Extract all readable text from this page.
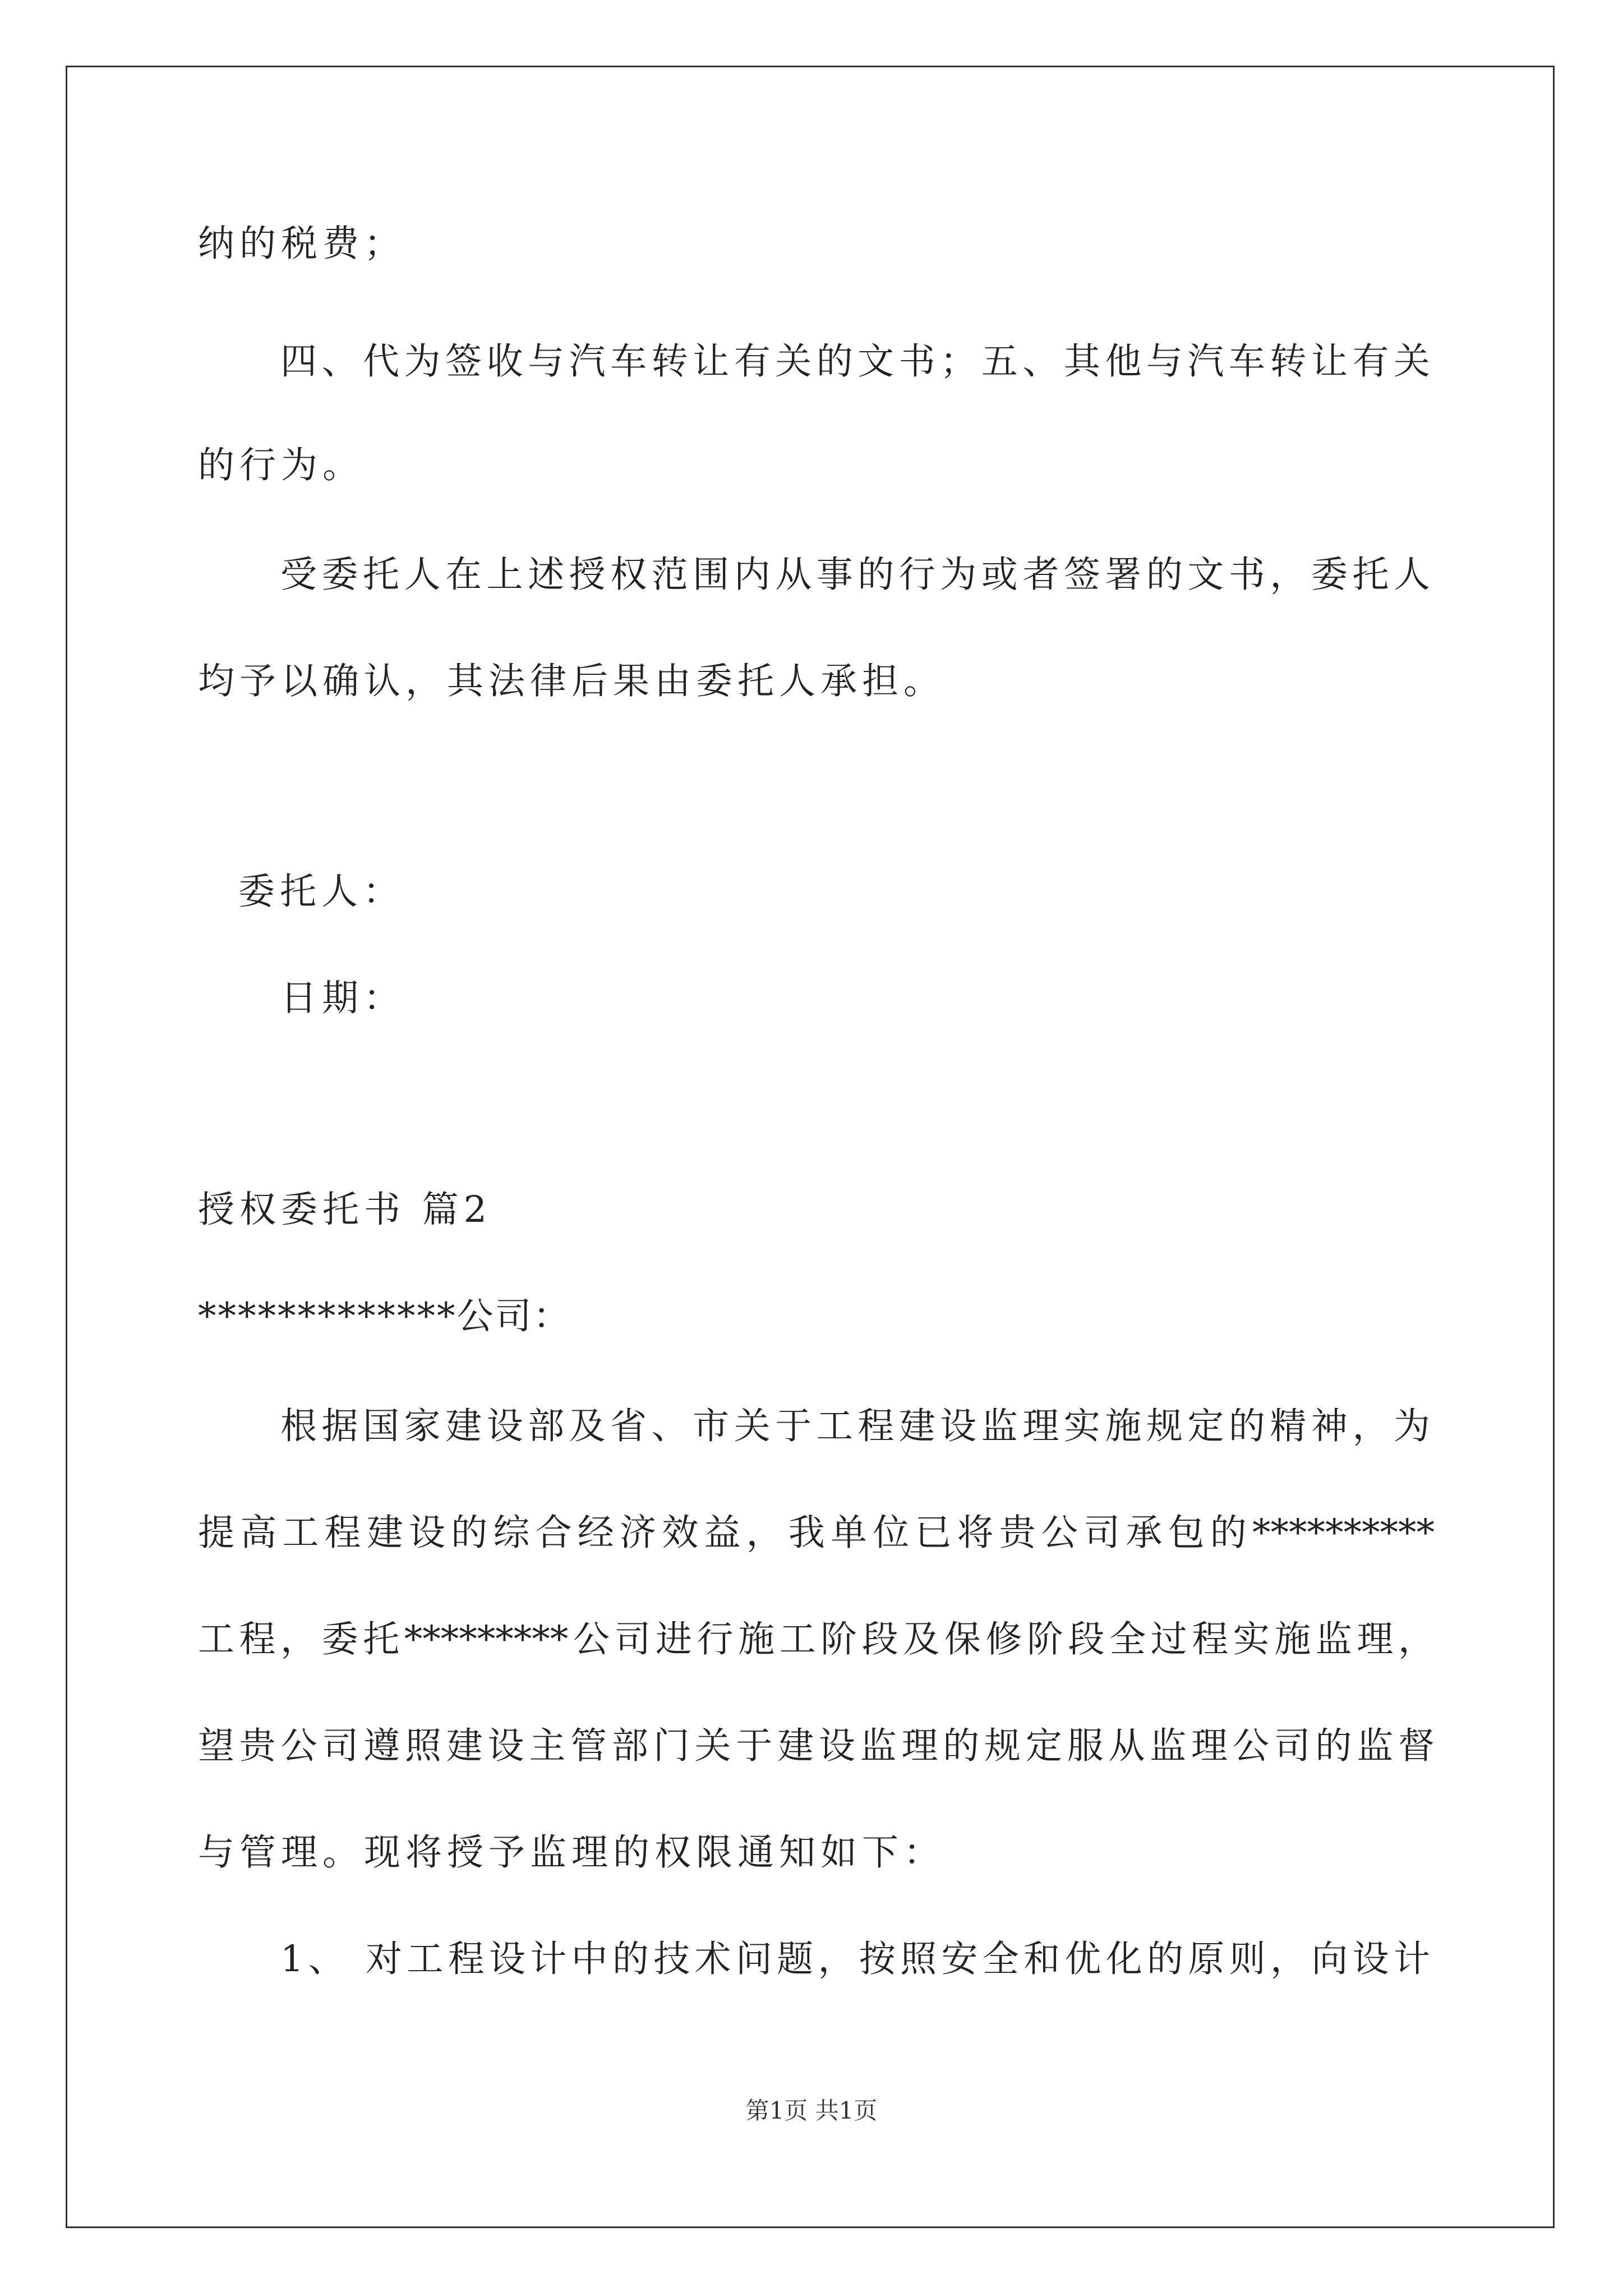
纳的税费；
四、代为签收与汽车转让有关的文书；五、其他与汽车转让有关
的行为。
受委托人在上述授权范围内从事的行为或者签署的文书，委托人
均予以确认，其法律后果由委托人承担。
委托人：
日期：
授权委托书 篇2
*************公司：
根据国家建设部及省、市关于工程建设监理实施规定的精神，为
提高工程建设的综合经济效益，我单位已将贵公司承包的**********
工程，委托*********公司进行施工阶段及保修阶段全过程实施监理，
望贵公司遵照建设主管部门关于建设监理的规定服从监理公司的监督
与管理。现将授予监理的权限通知如下：
1、 对工程设计中的技术问题，按照安全和优化的原则，向设计
第1页 共1页
